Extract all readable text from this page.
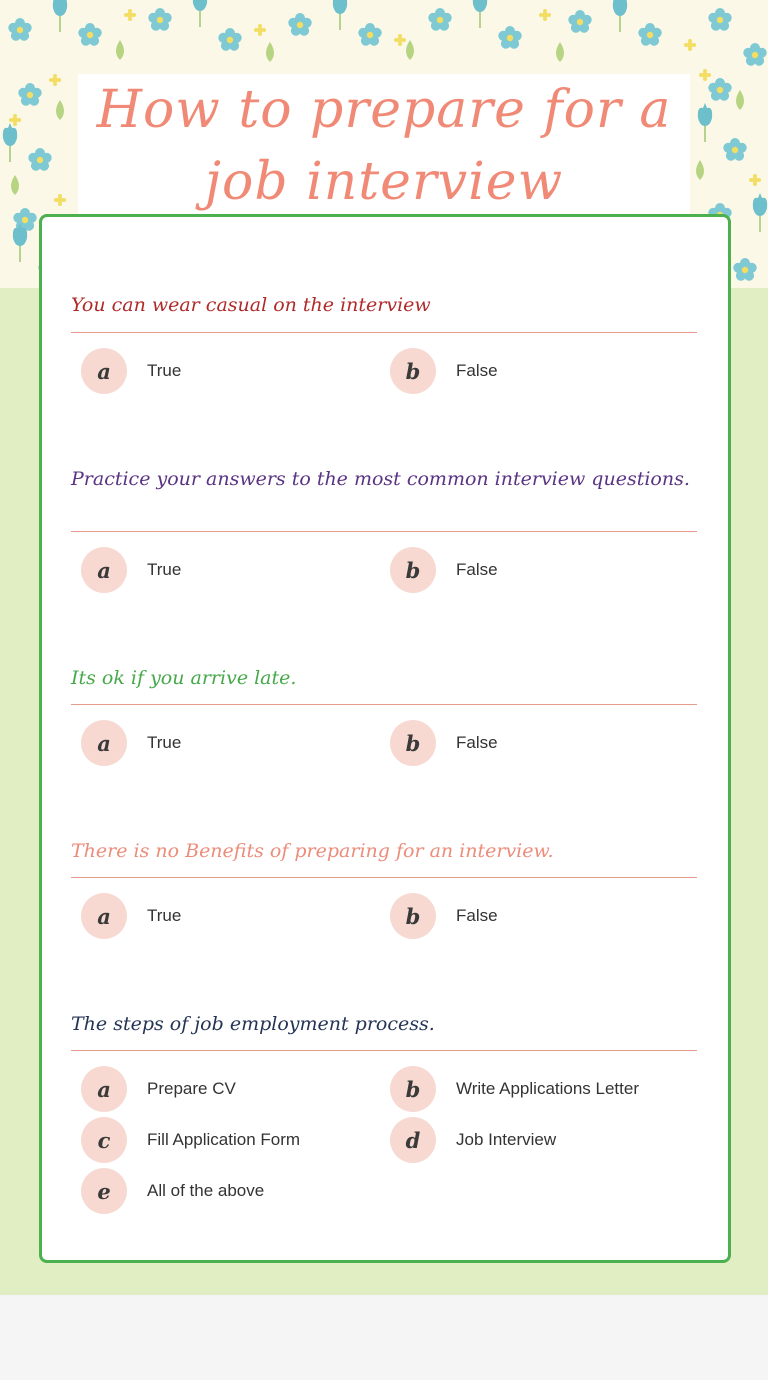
How to prepare for a job interview

You can wear casual on the interview

a	True	b	False

Practice your answers to the most common interview questions.

a	True	b	False

Its ok if you arrive late.

a	True	b	False

There is no Benefits of preparing for an interview.

a	True	b	False

The steps of job employment process.

a	Prepare CV	b	Write Applications Letter
c	Fill Application Form	d	Job Interview
e	All of the above
